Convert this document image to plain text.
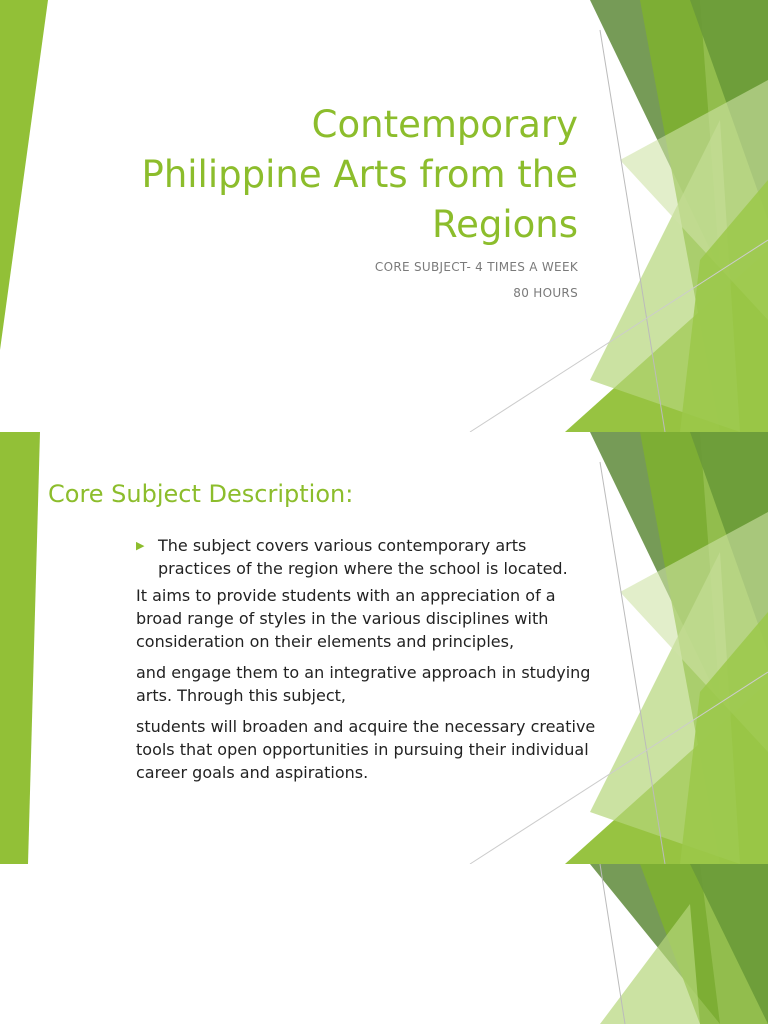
Contemporary
Philippine Arts from the
Regions

CORE SUBJECT- 4 TIMES A WEEK

80 HOURS

Core Subject Description:
▶ The subject covers various contemporary arts practices of the region where the school is located.

It aims to provide students with an appreciation of a broad range of styles in the various disciplines with consideration on their elements and principles,

and engage them to an integrative approach in studying arts. Through this subject,

students will broaden and acquire the necessary creative tools that open opportunities in pursuing their individual career goals and aspirations.
